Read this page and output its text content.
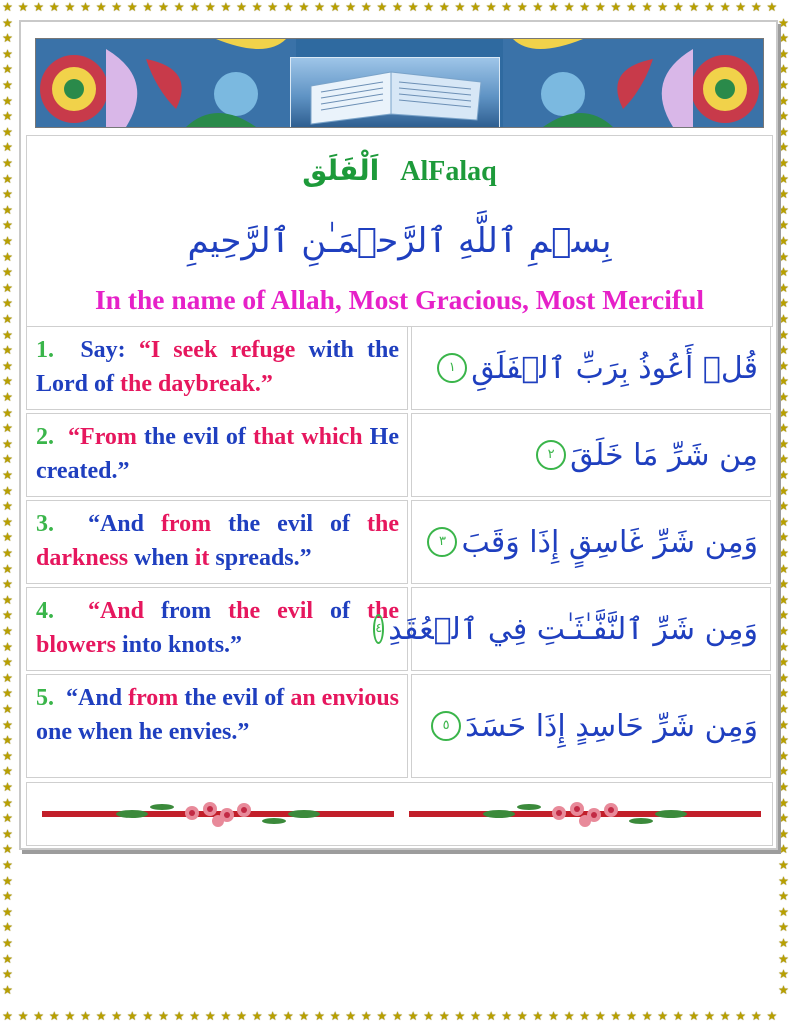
★
★
★
★
★
★
★
★
★
★
★
★
★
★
★
★
★
★
★
★
★
★
★
★
★
★
★
★
★
★
★
★
★
★
★
★
★
★
★
★
★
★
★
★
★
★
★
★
★
★
★
★
★
★
★
★
★
★
★
★
★
★
★
★
★
★
★
★
★
★
★
★
★
★
★
★
★
★
★
★
★
★
★
★
★
★
★
★
★
★
★
★
★
★
★
★
★
★
★
★
★	★
★	★
★	★
★	★
★	★
★	★
★	★
★	★
★	★
★	★
★	★
★	★
★	★
★	★
★	★
★	★
★	★
★	★
★	★
★	★
★	★
★	★
★	★
★	★
★	★
★	★
★	★
★	★
★	★
★	★
★	★
★	★
★	★
★	★
★	★
★	★
★	★
★	★
★	★
★	★
★	★
★	★
★	★
★	★
★	★
★	★
★	★
★	★
★	★
★	★
★	★
★	★
★	★
★	★
★	★
★	★
★	★
★	★
★	★
★	★
★	★
★	★
★	★
اَلْفَلَق AlFalaq
بِسۡمِ ٱللَّهِ ٱلرَّحۡمَـٰنِ ٱلرَّحِيمِ
In the name of Allah, Most Gracious, Most Merciful
1.  Say: “I seek refuge with the Lord of the daybreak.”	قُلۡ أَعُوذُ بِرَبِّ ٱلۡفَلَقِ
١
2.  “From the evil of that which He created.”	مِن شَرِّ مَا خَلَقَ
٢
3.  “And from the evil of the darkness when it spreads.”	وَمِن شَرِّ غَاسِقٍ إِذَا وَقَبَ
٣
4.  “And from the evil of the blowers into knots.”	وَمِن شَرِّ ٱلنَّفَّـٰثَـٰتِ فِي ٱلۡعُقَدِ
٤
5.  “And from the evil of an envious one when he envies.”	وَمِن شَرِّ حَاسِدٍ إِذَا حَسَدَ
٥
